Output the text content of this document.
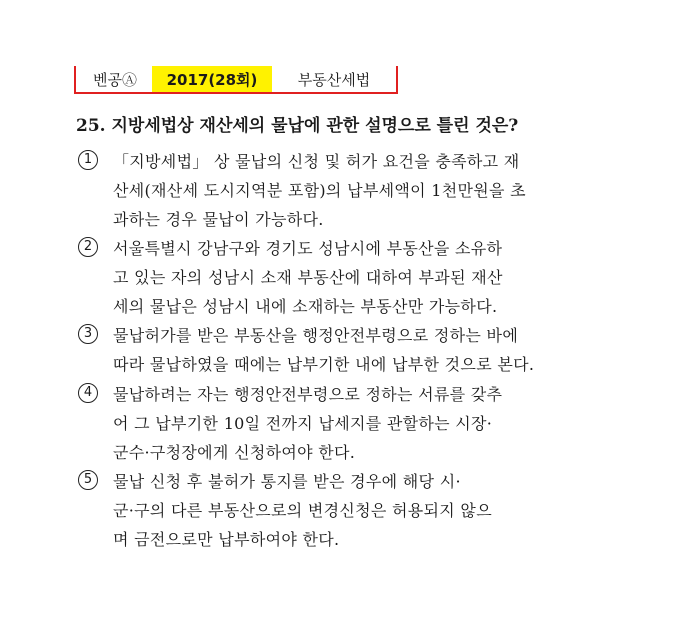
벤공Ⓐ	2017(28회)	부동산세법
25. 지방세법상 재산세의 물납에 관한 설명으로 틀린 것은?
1	「지방세법」 상 물납의 신청 및 허가 요건을 충족하고 재
산세(재산세 도시지역분 포함)의 납부세액이 1천만원을 초
과하는 경우 물납이 가능하다.
2	서울특별시 강남구와 경기도 성남시에 부동산을 소유하
고 있는 자의 성남시 소재 부동산에 대하여 부과된 재산
세의 물납은 성남시 내에 소재하는 부동산만 가능하다.
3	물납허가를 받은 부동산을 행정안전부령으로 정하는 바에
따라 물납하였을 때에는 납부기한 내에 납부한 것으로 본다.
4	물납하려는 자는 행정안전부령으로 정하는 서류를 갖추
어 그 납부기한 10일 전까지 납세지를 관할하는 시장·
군수·구청장에게 신청하여야 한다.
5	물납 신청 후 불허가 통지를 받은 경우에 해당 시·
군·구의 다른 부동산으로의 변경신청은 허용되지 않으
며 금전으로만 납부하여야 한다.
